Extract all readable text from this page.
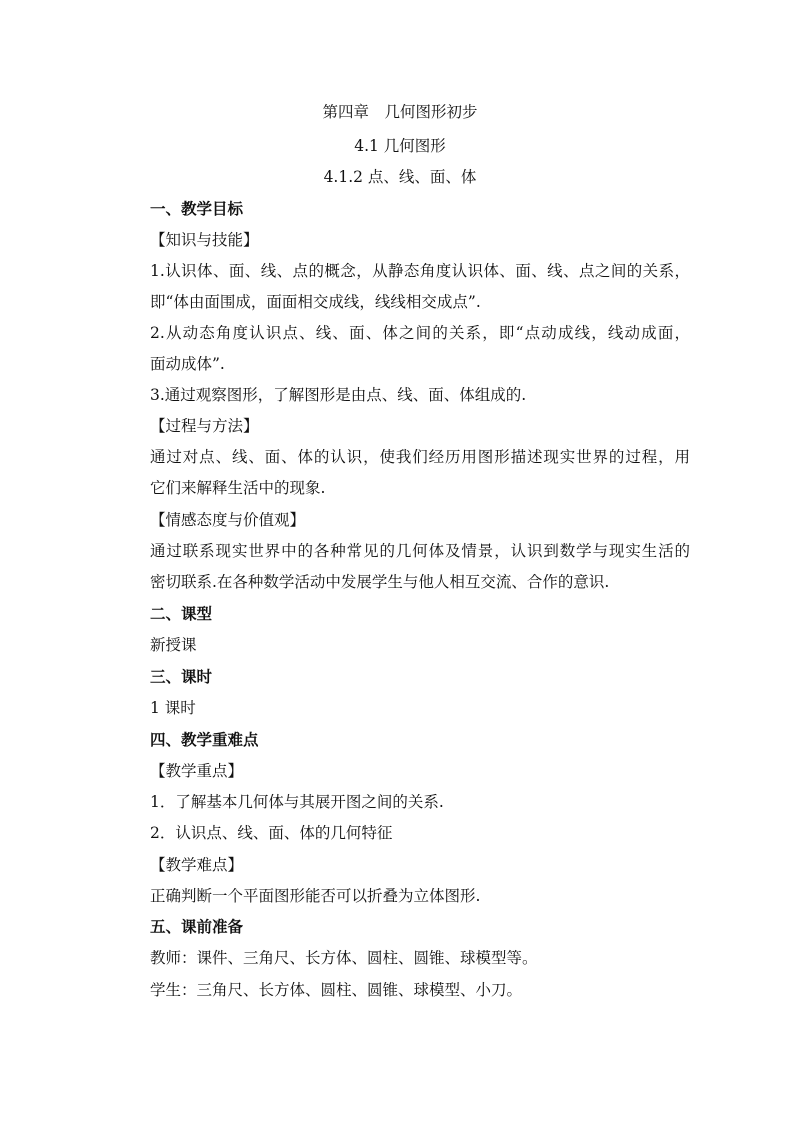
第四章　几何图形初步
4.1 几何图形
4.1.2 点、线、面、体
一、教学目标
【知识与技能】
1.认识体、面、线、点的概念，从静态角度认识体、面、线、点之间的关系，
即“体由面围成，面面相交成线，线线相交成点”.
2.从动态角度认识点、线、面、体之间的关系，即“点动成线，线动成面，
面动成体”.
3.通过观察图形，了解图形是由点、线、面、体组成的.
【过程与方法】
通过对点、线、面、体的认识，使我们经历用图形描述现实世界的过程，用
它们来解释生活中的现象.
【情感态度与价值观】
通过联系现实世界中的各种常见的几何体及情景，认识到数学与现实生活的
密切联系.在各种数学活动中发展学生与他人相互交流、合作的意识.
二、课型
新授课
三、课时
1 课时
四、教学重难点
【教学重点】
1．了解基本几何体与其展开图之间的关系.
2．认识点、线、面、体的几何特征
【教学难点】
正确判断一个平面图形能否可以折叠为立体图形.
五、课前准备
教师：课件、三角尺、长方体、圆柱、圆锥、球模型等。
学生：三角尺、长方体、圆柱、圆锥、球模型、小刀。
